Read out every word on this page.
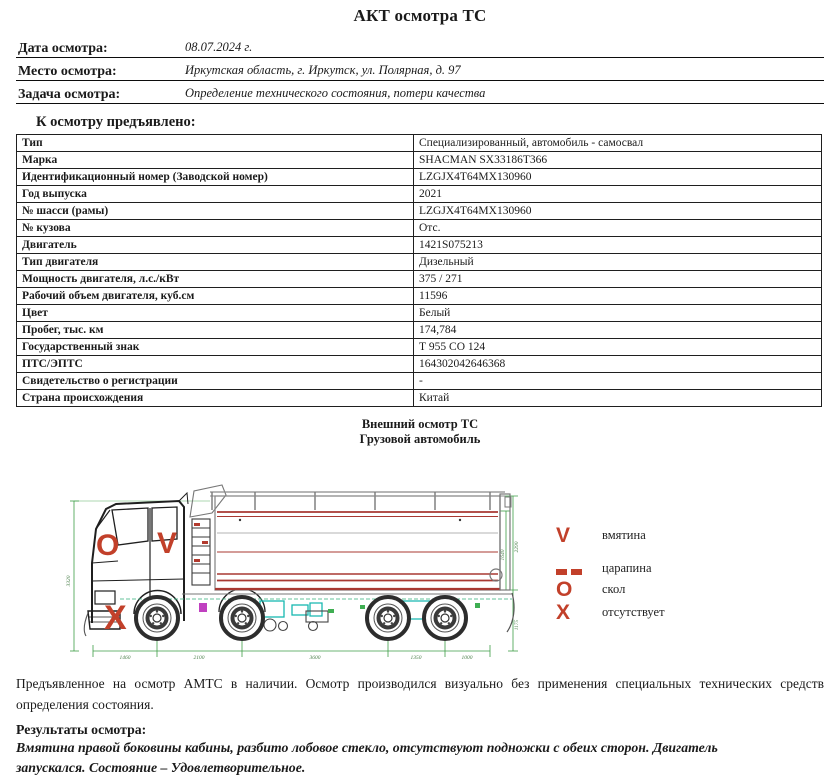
АКТ осмотра ТС
Дата осмотра:	08.07.2024 г.
Место осмотра:	Иркутская область, г. Иркутск, ул. Полярная, д. 97
Задача осмотра:	Определение технического состояния, потери качества
К осмотру предъявлено:
Тип	Специализированный, автомобиль - самосвал
Марка	SHACMAN SX33186T366
Идентификационный номер (Заводской номер)	LZGJX4T64MX130960
Год выпуска	2021
№ шасси (рамы)	LZGJX4T64MX130960
№ кузова	Отс.
Двигатель	1421S075213
Тип двигателя	Дизельный
Мощность двигателя, л.с./кВт	375 / 271
Рабочий объем двигателя, куб.см	11596
Цвет	Белый
Пробег, тыс. км	174,784
Государственный знак	Т 955 СО 124
ПТС/ЭПТС	164302042646368
Свидетельство о регистрации	-
Страна происхождения	Китай
Внешний осмотр ТС
Грузовой автомобиль
3320
1460	2100	3600	1350	1000
2290
1640
1175
O V
X
V	вмятина
царапина
O	скол
X	отсутствует
Предъявленное на осмотр АМТС в наличии. Осмотр производился визуально без применения специальных технических средств определения состояния.
Результаты осмотра:
Вмятина правой боковины кабины, разбито лобовое стекло, отсутствуют подножки с обеих сторон. Двигатель запускался. Состояние – Удовлетворительное.
